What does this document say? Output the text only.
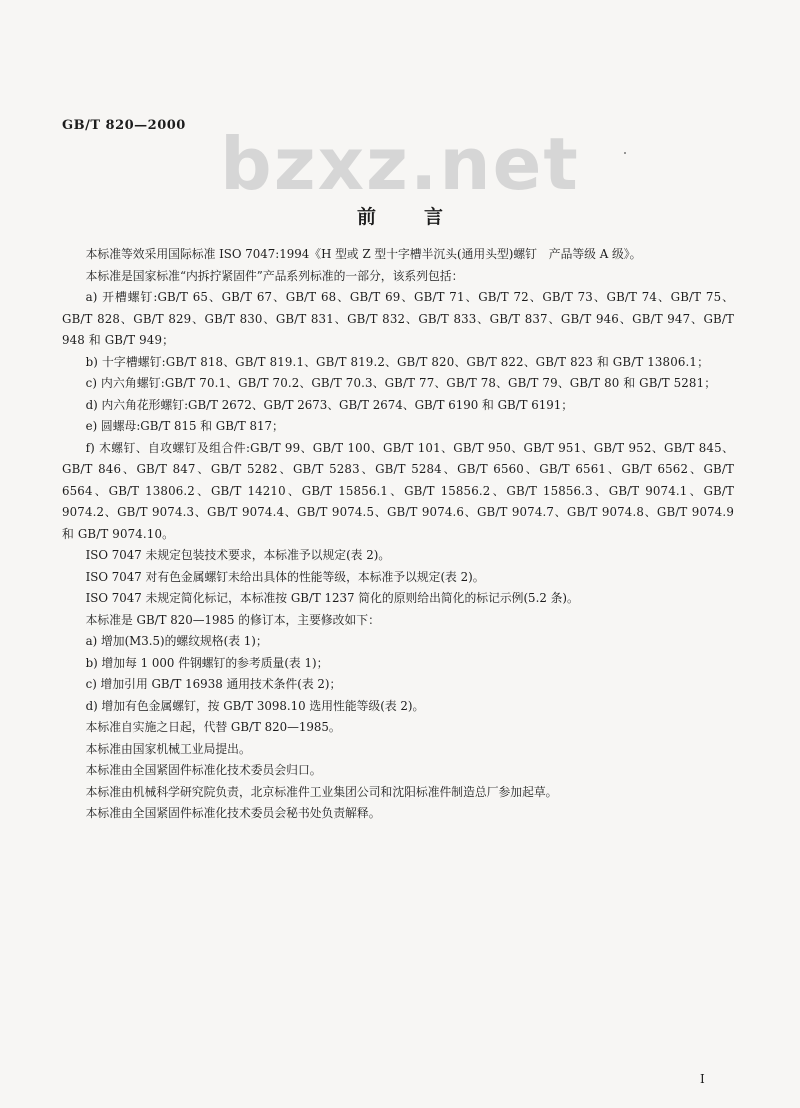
GB/T 820—2000 bzxz.net
前言

本标准等效采用国际标准 ISO 7047:1994《H 型或 Z 型十字槽半沉头(通用头型)螺钉　产品等级 A 级》。

本标准是国家标准“内拆拧紧固件”产品系列标准的一部分，该系列包括：

a) 开槽螺钉:GB/T 65、GB/T 67、GB/T 68、GB/T 69、GB/T 71、GB/T 72、GB/T 73、GB/T 74、GB/T 75、GB/T 828、GB/T 829、GB/T 830、GB/T 831、GB/T 832、GB/T 833、GB/T 837、GB/T 946、GB/T 947、GB/T 948 和 GB/T 949；

b) 十字槽螺钉:GB/T 818、GB/T 819.1、GB/T 819.2、GB/T 820、GB/T 822、GB/T 823 和 GB/T 13806.1；

c) 内六角螺钉:GB/T 70.1、GB/T 70.2、GB/T 70.3、GB/T 77、GB/T 78、GB/T 79、GB/T 80 和 GB/T 5281；

d) 内六角花形螺钉:GB/T 2672、GB/T 2673、GB/T 2674、GB/T 6190 和 GB/T 6191；

e) 圆螺母:GB/T 815 和 GB/T 817；

f) 木螺钉、自攻螺钉及组合件:GB/T 99、GB/T 100、GB/T 101、GB/T 950、GB/T 951、GB/T 952、GB/T 845、GB/T 846、GB/T 847、GB/T 5282、GB/T 5283、GB/T 5284、GB/T 6560、GB/T 6561、GB/T 6562、GB/T 6564、GB/T 13806.2、GB/T 14210、GB/T 15856.1、GB/T 15856.2、GB/T 15856.3、GB/T 9074.1、GB/T 9074.2、GB/T 9074.3、GB/T 9074.4、GB/T 9074.5、GB/T 9074.6、GB/T 9074.7、GB/T 9074.8、GB/T 9074.9 和 GB/T 9074.10。

ISO 7047 未规定包装技术要求，本标准予以规定(表 2)。

ISO 7047 对有色金属螺钉未给出具体的性能等级，本标准予以规定(表 2)。

ISO 7047 未规定简化标记，本标准按 GB/T 1237 简化的原则给出简化的标记示例(5.2 条)。

本标准是 GB/T 820—1985 的修订本，主要修改如下：

a) 增加(M3.5)的螺纹规格(表 1)；

b) 增加每 1 000 件钢螺钉的参考质量(表 1)；

c) 增加引用 GB/T 16938 通用技术条件(表 2)；

d) 增加有色金属螺钉，按 GB/T 3098.10 选用性能等级(表 2)。

本标准自实施之日起，代替 GB/T 820—1985。

本标准由国家机械工业局提出。

本标准由全国紧固件标准化技术委员会归口。

本标准由机械科学研究院负责，北京标准件工业集团公司和沈阳标准件制造总厂参加起草。

本标准由全国紧固件标准化技术委员会秘书处负责解释。

I
